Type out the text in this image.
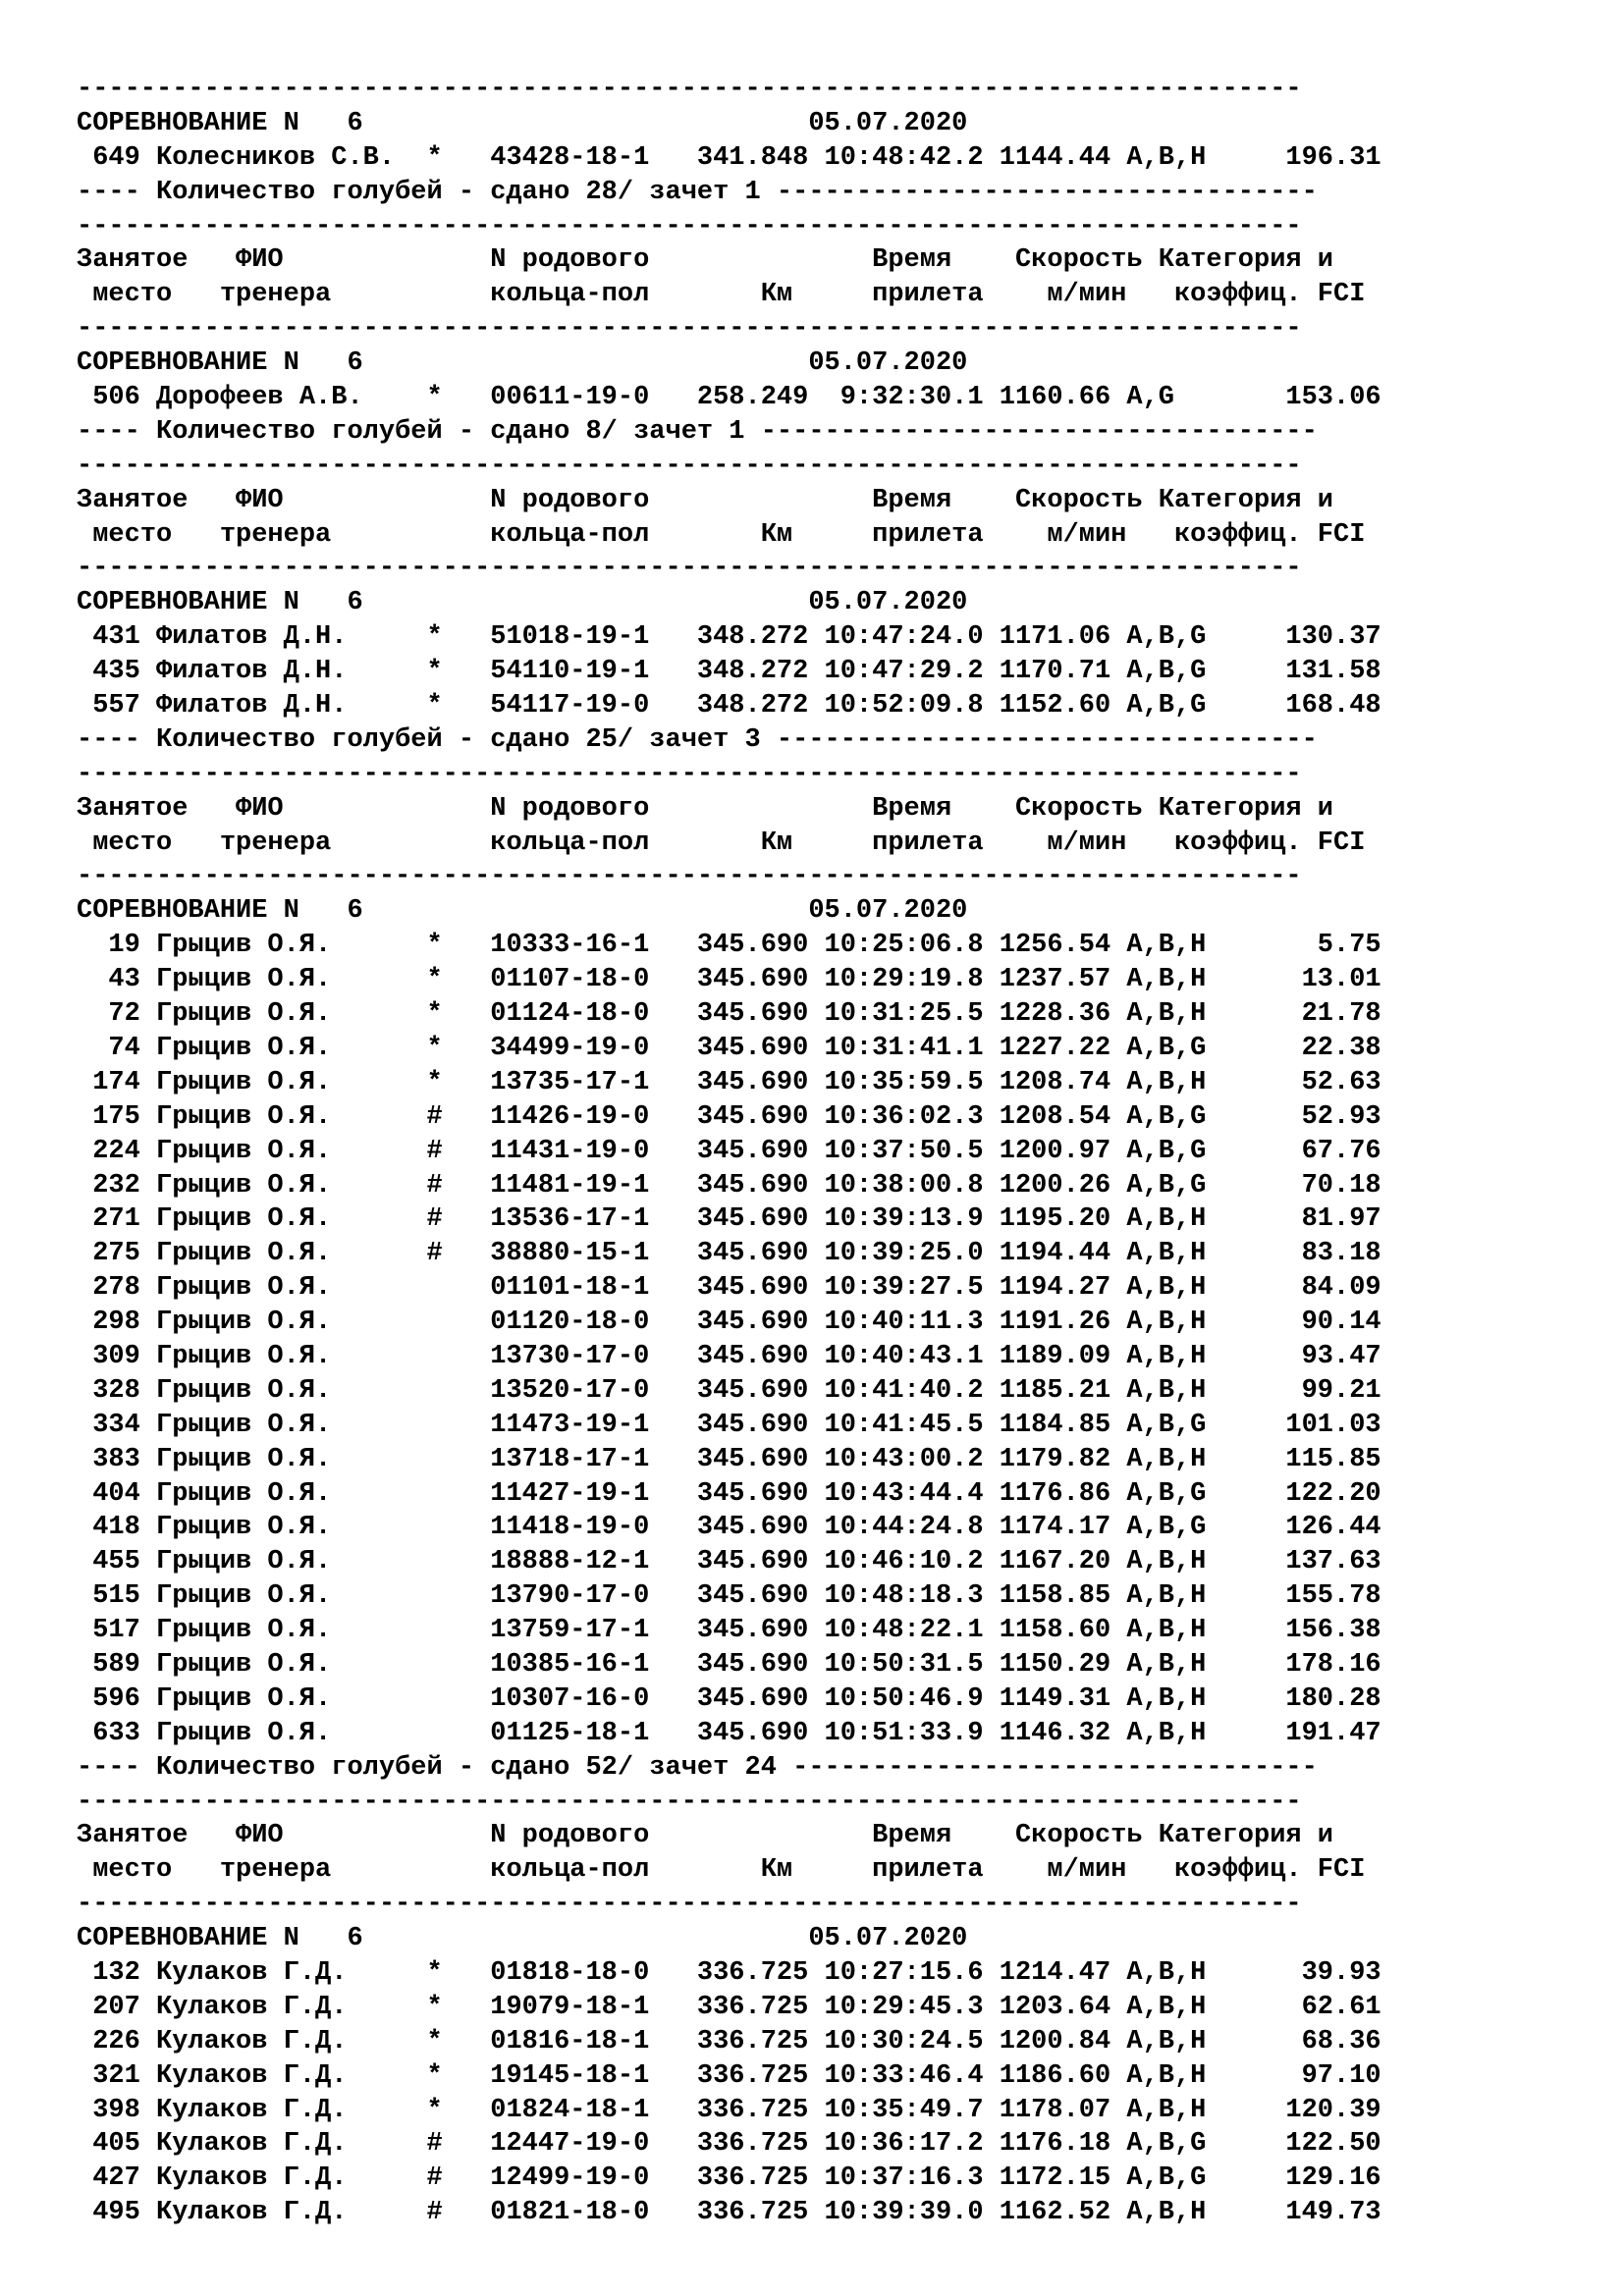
-----------------------------------------------------------------------------
СОРЕВНОВАНИЕ N   6                            05.07.2020
649 Колесников С.В.  *   43428-18-1   341.848 10:48:42.2 1144.44 A,B,H     196.31
---- Количество голубей - сдано 28/ зачет 1 ----------------------------------
-----------------------------------------------------------------------------
Занятое   ФИО             N родового              Время    Скорость Категория и
место   тренера          кольца-пол       Км     прилета    м/мин   коэффиц. FCI
-----------------------------------------------------------------------------
СОРЕВНОВАНИЕ N   6                            05.07.2020
506 Дорофеев А.В.    *   00611-19-0   258.249  9:32:30.1 1160.66 A,G       153.06
---- Количество голубей - сдано 8/ зачет 1 -----------------------------------
-----------------------------------------------------------------------------
Занятое   ФИО             N родового              Время    Скорость Категория и
место   тренера          кольца-пол       Км     прилета    м/мин   коэффиц. FCI
-----------------------------------------------------------------------------
СОРЕВНОВАНИЕ N   6                            05.07.2020
431 Филатов Д.Н.     *   51018-19-1   348.272 10:47:24.0 1171.06 A,B,G     130.37
435 Филатов Д.Н.     *   54110-19-1   348.272 10:47:29.2 1170.71 A,B,G     131.58
557 Филатов Д.Н.     *   54117-19-0   348.272 10:52:09.8 1152.60 A,B,G     168.48
---- Количество голубей - сдано 25/ зачет 3 ----------------------------------
-----------------------------------------------------------------------------
Занятое   ФИО             N родового              Время    Скорость Категория и
место   тренера          кольца-пол       Км     прилета    м/мин   коэффиц. FCI
-----------------------------------------------------------------------------
СОРЕВНОВАНИЕ N   6                            05.07.2020
19 Грыцив О.Я.      *   10333-16-1   345.690 10:25:06.8 1256.54 A,B,H       5.75
43 Грыцив О.Я.      *   01107-18-0   345.690 10:29:19.8 1237.57 A,B,H      13.01
72 Грыцив О.Я.      *   01124-18-0   345.690 10:31:25.5 1228.36 A,B,H      21.78
74 Грыцив О.Я.      *   34499-19-0   345.690 10:31:41.1 1227.22 A,B,G      22.38
174 Грыцив О.Я.      *   13735-17-1   345.690 10:35:59.5 1208.74 A,B,H      52.63
175 Грыцив О.Я.      #   11426-19-0   345.690 10:36:02.3 1208.54 A,B,G      52.93
224 Грыцив О.Я.      #   11431-19-0   345.690 10:37:50.5 1200.97 A,B,G      67.76
232 Грыцив О.Я.      #   11481-19-1   345.690 10:38:00.8 1200.26 A,B,G      70.18
271 Грыцив О.Я.      #   13536-17-1   345.690 10:39:13.9 1195.20 A,B,H      81.97
275 Грыцив О.Я.      #   38880-15-1   345.690 10:39:25.0 1194.44 A,B,H      83.18
278 Грыцив О.Я.          01101-18-1   345.690 10:39:27.5 1194.27 A,B,H      84.09
298 Грыцив О.Я.          01120-18-0   345.690 10:40:11.3 1191.26 A,B,H      90.14
309 Грыцив О.Я.          13730-17-0   345.690 10:40:43.1 1189.09 A,B,H      93.47
328 Грыцив О.Я.          13520-17-0   345.690 10:41:40.2 1185.21 A,B,H      99.21
334 Грыцив О.Я.          11473-19-1   345.690 10:41:45.5 1184.85 A,B,G     101.03
383 Грыцив О.Я.          13718-17-1   345.690 10:43:00.2 1179.82 A,B,H     115.85
404 Грыцив О.Я.          11427-19-1   345.690 10:43:44.4 1176.86 A,B,G     122.20
418 Грыцив О.Я.          11418-19-0   345.690 10:44:24.8 1174.17 A,B,G     126.44
455 Грыцив О.Я.          18888-12-1   345.690 10:46:10.2 1167.20 A,B,H     137.63
515 Грыцив О.Я.          13790-17-0   345.690 10:48:18.3 1158.85 A,B,H     155.78
517 Грыцив О.Я.          13759-17-1   345.690 10:48:22.1 1158.60 A,B,H     156.38
589 Грыцив О.Я.          10385-16-1   345.690 10:50:31.5 1150.29 A,B,H     178.16
596 Грыцив О.Я.          10307-16-0   345.690 10:50:46.9 1149.31 A,B,H     180.28
633 Грыцив О.Я.          01125-18-1   345.690 10:51:33.9 1146.32 A,B,H     191.47
---- Количество голубей - сдано 52/ зачет 24 ---------------------------------
-----------------------------------------------------------------------------
Занятое   ФИО             N родового              Время    Скорость Категория и
место   тренера          кольца-пол       Км     прилета    м/мин   коэффиц. FCI
-----------------------------------------------------------------------------
СОРЕВНОВАНИЕ N   6                            05.07.2020
132 Кулаков Г.Д.     *   01818-18-0   336.725 10:27:15.6 1214.47 A,B,H      39.93
207 Кулаков Г.Д.     *   19079-18-1   336.725 10:29:45.3 1203.64 A,B,H      62.61
226 Кулаков Г.Д.     *   01816-18-1   336.725 10:30:24.5 1200.84 A,B,H      68.36
321 Кулаков Г.Д.     *   19145-18-1   336.725 10:33:46.4 1186.60 A,B,H      97.10
398 Кулаков Г.Д.     *   01824-18-1   336.725 10:35:49.7 1178.07 A,B,H     120.39
405 Кулаков Г.Д.     #   12447-19-0   336.725 10:36:17.2 1176.18 A,B,G     122.50
427 Кулаков Г.Д.     #   12499-19-0   336.725 10:37:16.3 1172.15 A,B,G     129.16
495 Кулаков Г.Д.     #   01821-18-0   336.725 10:39:39.0 1162.52 A,B,H     149.73
